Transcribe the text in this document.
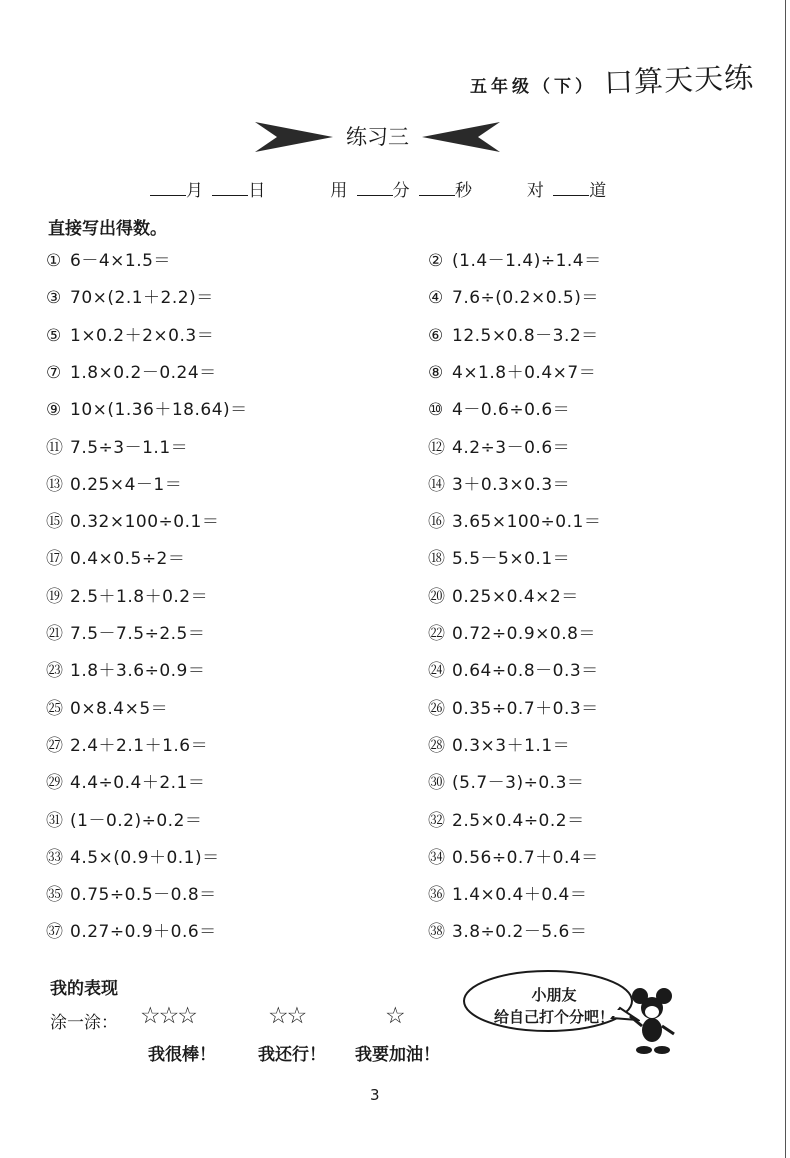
五年级（下） 口算天天练
练习三
月	日	用	分	秒	对	道
直接写出得数。
① 6－4×1.5＝	② (1.4－1.4)÷1.4＝
③ 70×(2.1＋2.2)＝	④ 7.6÷(0.2×0.5)＝
⑤ 1×0.2＋2×0.3＝	⑥ 12.5×0.8－3.2＝
⑦ 1.8×0.2－0.24＝	⑧ 4×1.8＋0.4×7＝
⑨ 10×(1.36＋18.64)＝	⑩ 4－0.6÷0.6＝
⑪ 7.5÷3－1.1＝	⑫ 4.2÷3－0.6＝
⑬ 0.25×4－1＝	⑭ 3＋0.3×0.3＝
⑮ 0.32×100÷0.1＝	⑯ 3.65×100÷0.1＝
⑰ 0.4×0.5÷2＝	⑱ 5.5－5×0.1＝
⑲ 2.5＋1.8＋0.2＝	⑳ 0.25×0.4×2＝
㉑ 7.5－7.5÷2.5＝	㉒ 0.72÷0.9×0.8＝
㉓ 1.8＋3.6÷0.9＝	㉔ 0.64÷0.8－0.3＝
㉕ 0×8.4×5＝	㉖ 0.35÷0.7＋0.3＝
㉗ 2.4＋2.1＋1.6＝	㉘ 0.3×3＋1.1＝
㉙ 4.4÷0.4＋2.1＝	㉚ (5.7－3)÷0.3＝
㉛ (1－0.2)÷0.2＝	㉜ 2.5×0.4÷0.2＝
㉝ 4.5×(0.9＋0.1)＝	㉞ 0.56÷0.7＋0.4＝
㉟ 0.75÷0.5－0.8＝	㊱ 1.4×0.4＋0.4＝
㊲ 0.27÷0.9＋0.6＝	㊳ 3.8÷0.2－5.6＝
我的表现
涂一涂： ☆☆☆	☆☆	☆
我很棒！ 我还行！ 我要加油！
小朋友
给自己打个分吧！
3
